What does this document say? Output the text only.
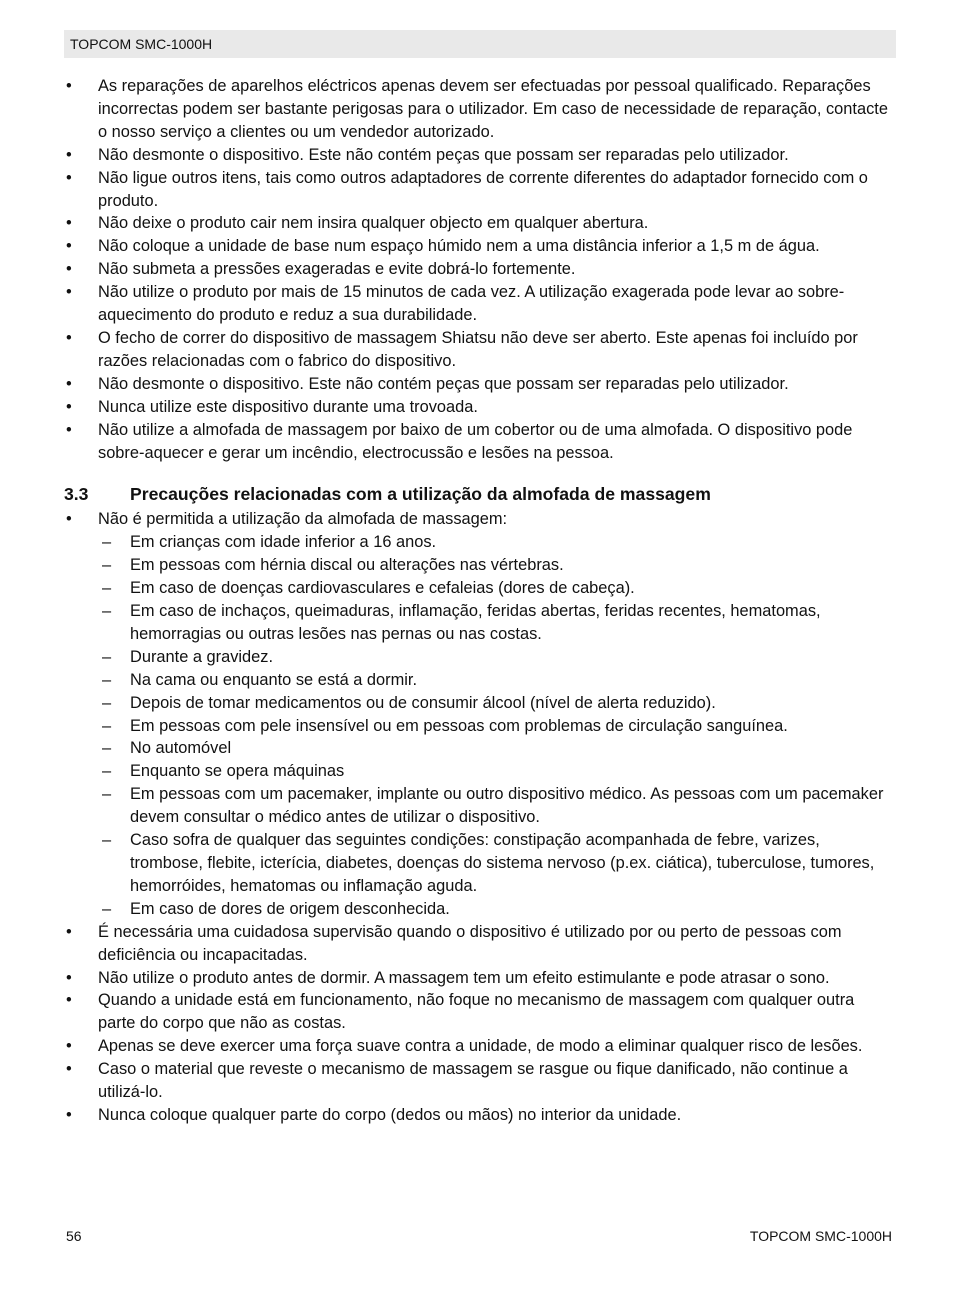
TOPCOM SMC-1000H
• As reparações de aparelhos eléctricos apenas devem ser efectuadas por pessoal qualificado. Reparações incorrectas podem ser bastante perigosas para o utilizador. Em caso de necessidade de reparação, contacte o nosso serviço a clientes ou um vendedor autorizado.
• Não desmonte o dispositivo. Este não contém peças que possam ser reparadas pelo utilizador.
• Não ligue outros itens, tais como outros adaptadores de corrente diferentes do adaptador fornecido com o produto.
• Não deixe o produto cair nem insira qualquer objecto em qualquer abertura.
• Não coloque a unidade de base num espaço húmido nem a uma distância inferior a 1,5 m de água.
• Não submeta a pressões exageradas e evite dobrá-lo fortemente.
• Não utilize o produto por mais de 15 minutos de cada vez. A utilização exagerada pode levar ao sobre-aquecimento do produto e reduz a sua durabilidade.
• O fecho de correr do dispositivo de massagem Shiatsu não deve ser aberto. Este apenas foi incluído por razões relacionadas com o fabrico do dispositivo.
• Não desmonte o dispositivo. Este não contém peças que possam ser reparadas pelo utilizador.
• Nunca utilize este dispositivo durante uma trovoada.
• Não utilize a almofada de massagem por baixo de um cobertor ou de uma almofada. O dispositivo pode sobre-aquecer e gerar um incêndio, electrocussão e lesões na pessoa.
3.3	Precauções relacionadas com a utilização da almofada de massagem
• Não é permitida a utilização da almofada de massagem:
– Em crianças com idade inferior a 16 anos.
– Em pessoas com hérnia discal ou alterações nas vértebras.
– Em caso de doenças cardiovasculares e cefaleias (dores de cabeça).
– Em caso de inchaços, queimaduras, inflamação, feridas abertas, feridas recentes, hematomas, hemorragias ou outras lesões nas pernas ou nas costas.
– Durante a gravidez.
– Na cama ou enquanto se está a dormir.
– Depois de tomar medicamentos ou de consumir álcool (nível de alerta reduzido).
– Em pessoas com pele insensível ou em pessoas com problemas de circulação sanguínea.
– No automóvel
– Enquanto se opera máquinas
– Em pessoas com um pacemaker, implante ou outro dispositivo médico. As pessoas com um pacemaker devem consultar o médico antes de utilizar o dispositivo.
– Caso sofra de qualquer das seguintes condições: constipação acompanhada de febre, varizes, trombose, flebite, icterícia, diabetes, doenças do sistema nervoso (p.ex. ciática), tuberculose, tumores, hemorróides, hematomas ou inflamação aguda.
– Em caso de dores de origem desconhecida.
• É necessária uma cuidadosa supervisão quando o dispositivo é utilizado por ou perto de pessoas com deficiência ou incapacitadas.
• Não utilize o produto antes de dormir. A massagem tem um efeito estimulante e pode atrasar o sono.
• Quando a unidade está em funcionamento, não foque no mecanismo de massagem com qualquer outra parte do corpo que não as costas.
• Apenas se deve exercer uma força suave contra a unidade, de modo a eliminar qualquer risco de lesões.
• Caso o material que reveste o mecanismo de massagem se rasgue ou fique danificado, não continue a utilizá-lo.
• Nunca coloque qualquer parte do corpo (dedos ou mãos) no interior da unidade.
56	TOPCOM SMC-1000H
